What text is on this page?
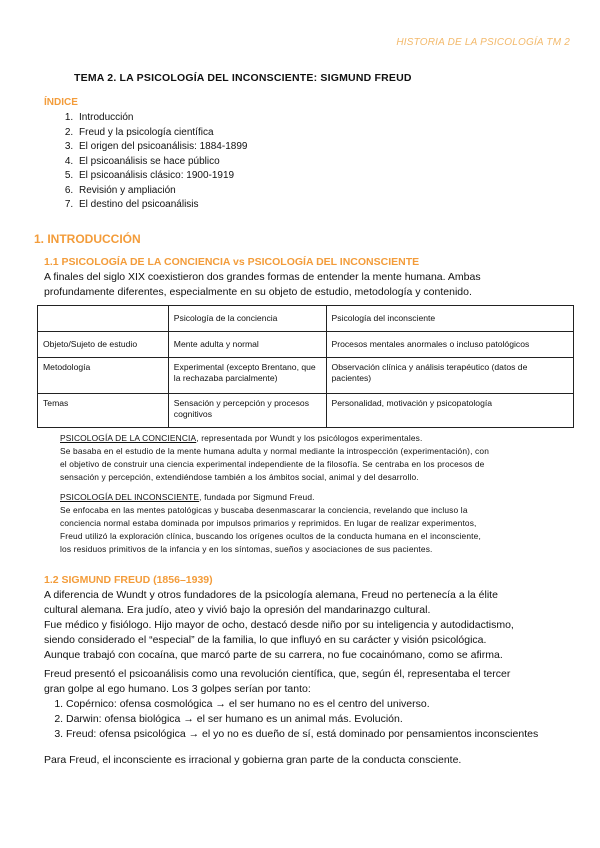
HISTORIA DE LA PSICOLOGÍA TM 2
TEMA 2. LA PSICOLOGÍA DEL INCONSCIENTE: SIGMUND FREUD
ÍNDICE
1. Introducción
2. Freud y la psicología científica
3. El origen del psicoanálisis: 1884-1899
4. El psicoanálisis se hace público
5. El psicoanálisis clásico: 1900-1919
6. Revisión y ampliación
7. El destino del psicoanálisis
1. INTRODUCCIÓN
1.1 PSICOLOGÍA DE LA CONCIENCIA vs PSICOLOGÍA DEL INCONSCIENTE
A finales del siglo XIX coexistieron dos grandes formas de entender la mente humana. Ambas
profundamente diferentes, especialmente en su objeto de estudio, metodología y contenido.
	Psicología de la conciencia	Psicología del inconsciente
Objeto/Sujeto de estudio	Mente adulta y normal	Procesos mentales anormales o incluso patológicos
Metodología	Experimental (excepto Brentano, que la rechazaba parcialmente)	Observación clínica y análisis terapéutico (datos de pacientes)
Temas	Sensación y percepción y procesos cognitivos	Personalidad, motivación y psicopatología
PSICOLOGÍA DE LA CONCIENCIA, representada por Wundt y los psicólogos experimentales.
Se basaba en el estudio de la mente humana adulta y normal mediante la introspección (experimentación), con
el objetivo de construir una ciencia experimental independiente de la filosofía. Se centraba en los procesos de
sensación y percepción, extendiéndose también a los ámbitos social, animal y del desarrollo.
PSICOLOGÍA DEL INCONSCIENTE, fundada por Sigmund Freud.
Se enfocaba en las mentes patológicas y buscaba desenmascarar la conciencia, revelando que incluso la
conciencia normal estaba dominada por impulsos primarios y reprimidos. En lugar de realizar experimentos,
Freud utilizó la exploración clínica, buscando los orígenes ocultos de la conducta humana en el inconsciente,
los residuos primitivos de la infancia y en los síntomas, sueños y asociaciones de sus pacientes.
1.2 SIGMUND FREUD (1856–1939)
A diferencia de Wundt y otros fundadores de la psicología alemana, Freud no pertenecía a la élite
cultural alemana. Era judío, ateo y vivió bajo la opresión del mandarinazgo cultural.
Fue médico y fisiólogo. Hijo mayor de ocho, destacó desde niño por su inteligencia y autodidactismo,
siendo considerado el “especial” de la familia, lo que influyó en su carácter y visión psicológica.
Aunque trabajó con cocaína, que marcó parte de su carrera, no fue cocainómano, como se afirma.
Freud presentó el psicoanálisis como una revolución científica, que, según él, representaba el tercer
gran golpe al ego humano. Los 3 golpes serían por tanto:
1. Copérnico: ofensa cosmológica → el ser humano no es el centro del universo.
2. Darwin: ofensa biológica → el ser humano es un animal más. Evolución.
3. Freud: ofensa psicológica → el yo no es dueño de sí, está dominado por pensamientos inconscientes
Para Freud, el inconsciente es irracional y gobierna gran parte de la conducta consciente.
